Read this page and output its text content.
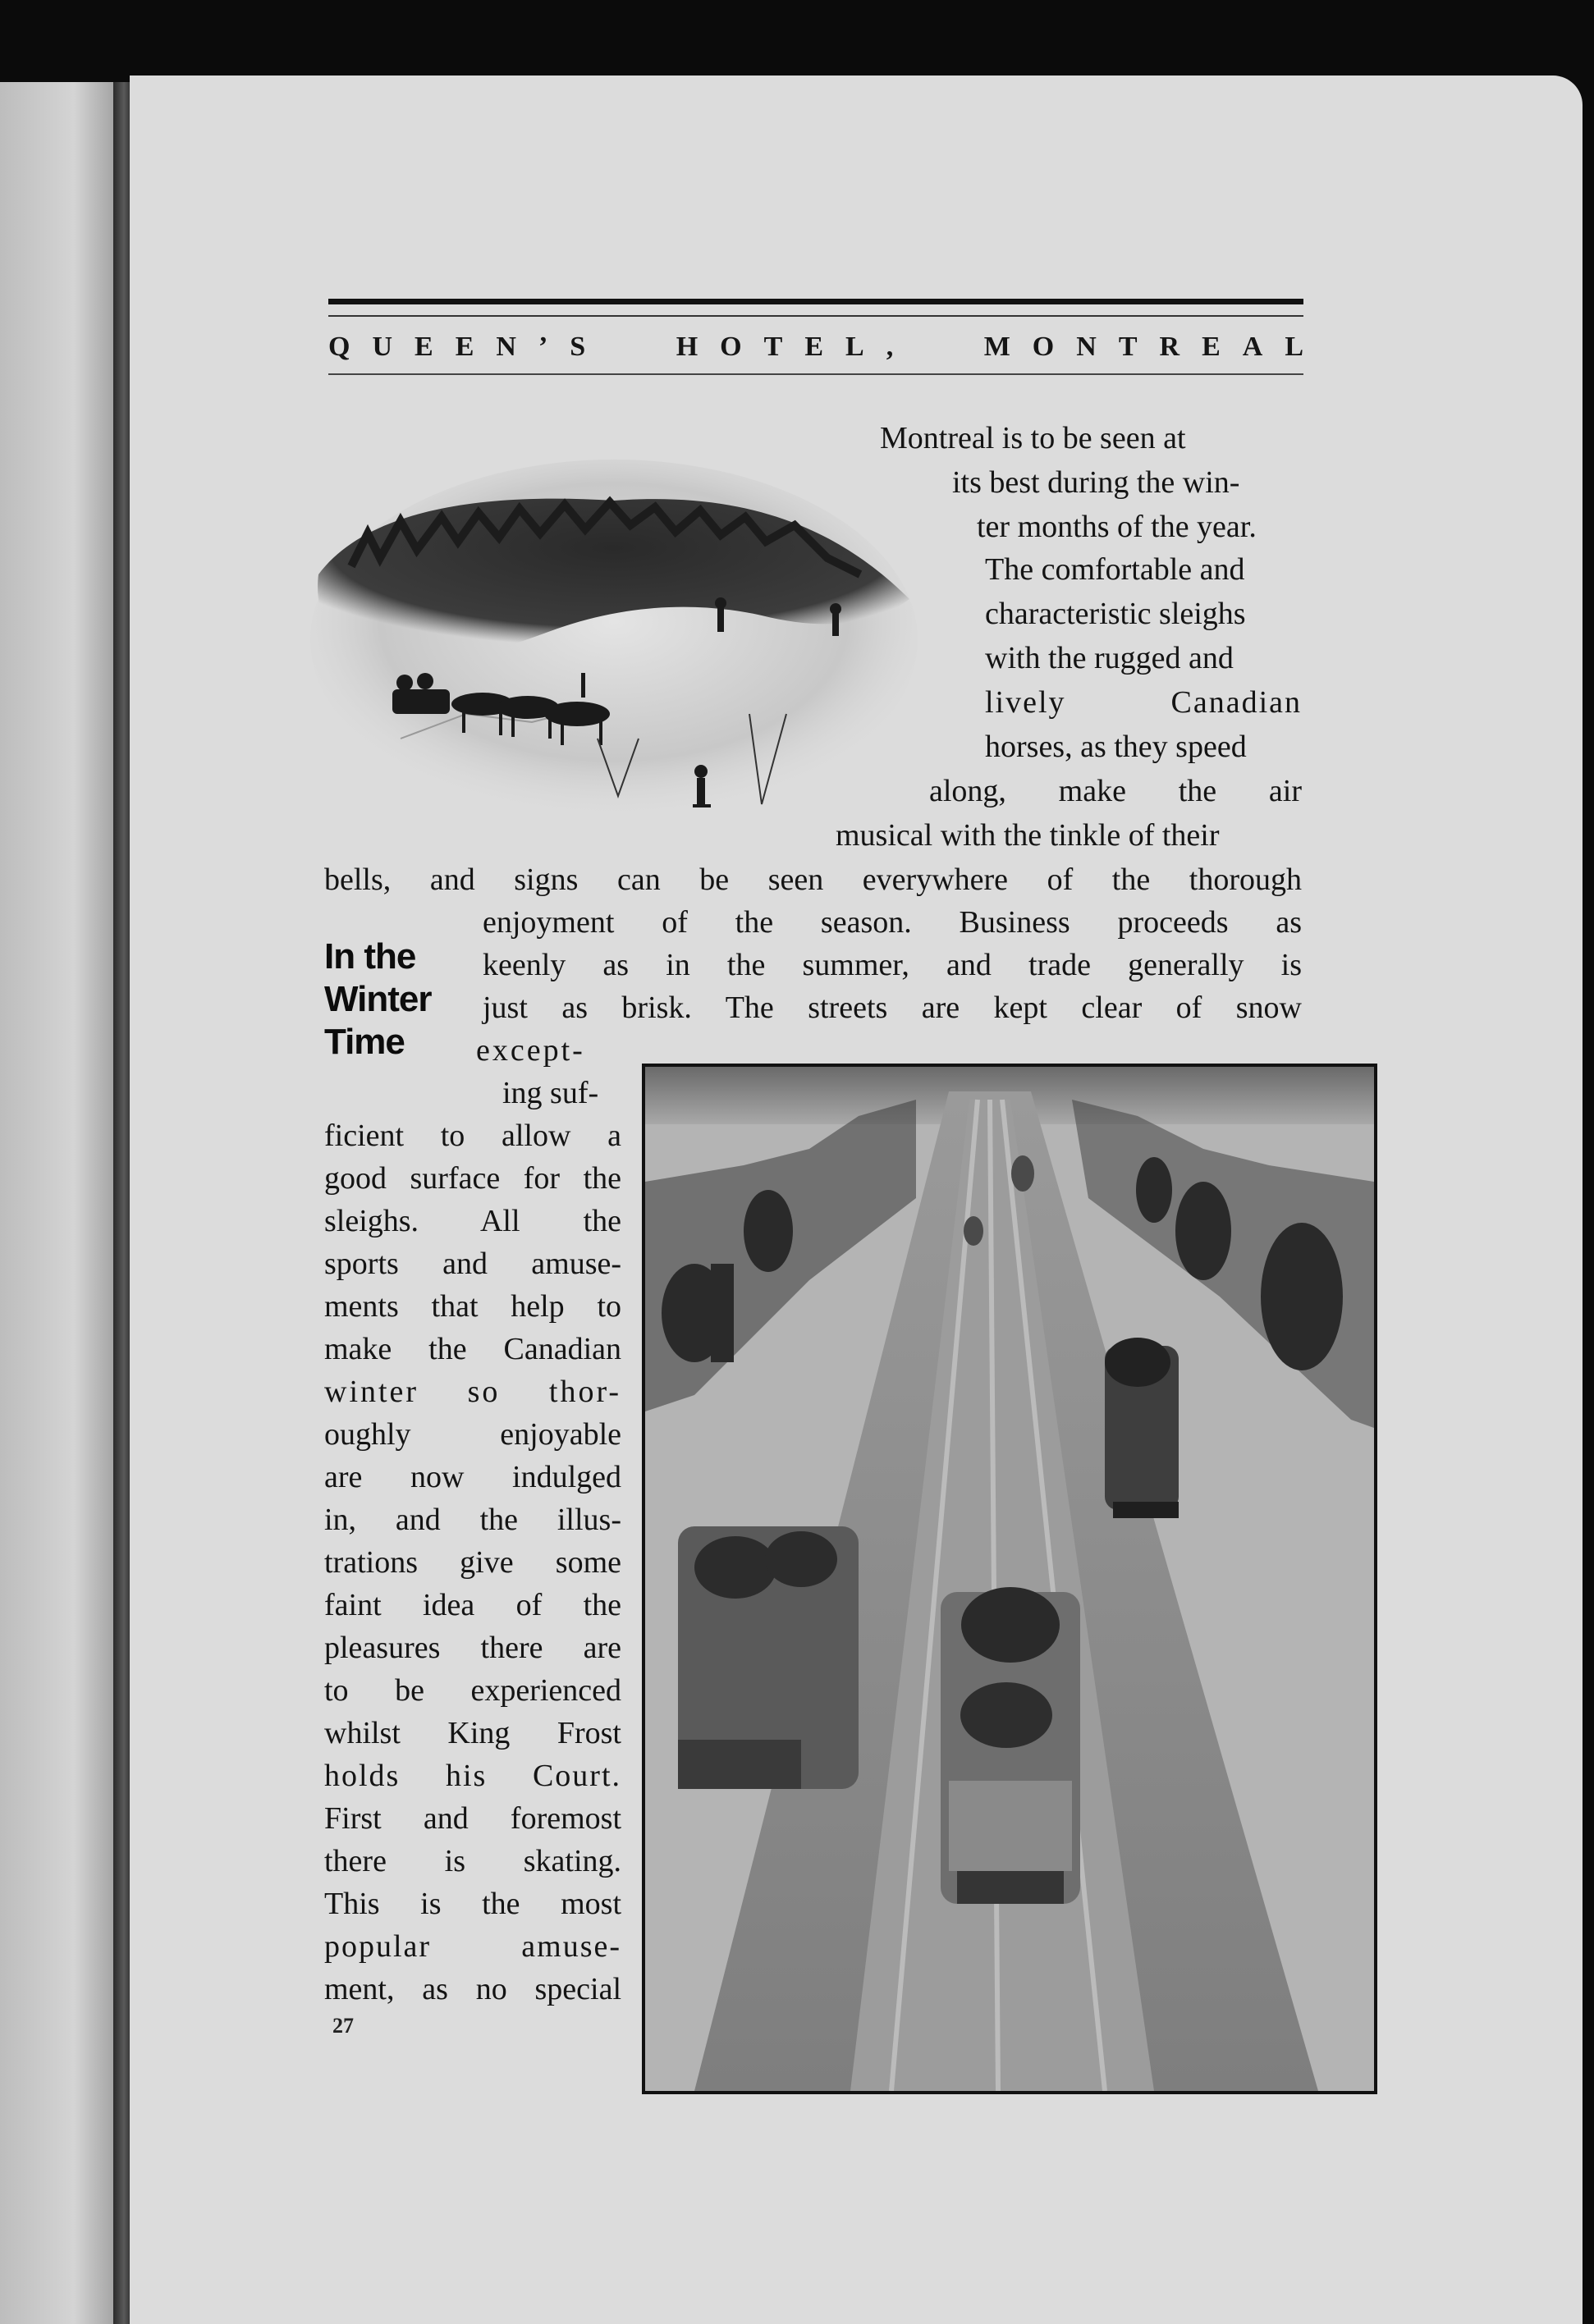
Q U E E N ’ S	H O T E L ,	M O N T R E A L
Montreal is to be seen at
its best during the win-
ter months of the year.
The comfortable and
characteristic sleighs
with the rugged and
lively Canadian
horses, as they speed
along, make the air
musical with the tinkle of their
bells, and signs can be seen everywhere of the thorough
In the
Winter
Time
enjoyment of the season. Business proceeds as
keenly as in the summer, and trade generally is
just as brisk. The streets are kept clear of snow
except-
ing suf-
ficient to allow a
good surface for the
sleighs. All the
sports and amuse-
ments that help to
make the Canadian
winter so thor-
oughly enjoyable
are now indulged
in, and the illus-
trations give some
faint idea of the
pleasures there are
to be experienced
whilst King Frost
holds his Court.
First and foremost
there is skating.
This is the most
popular amuse-
ment, as no special
27
